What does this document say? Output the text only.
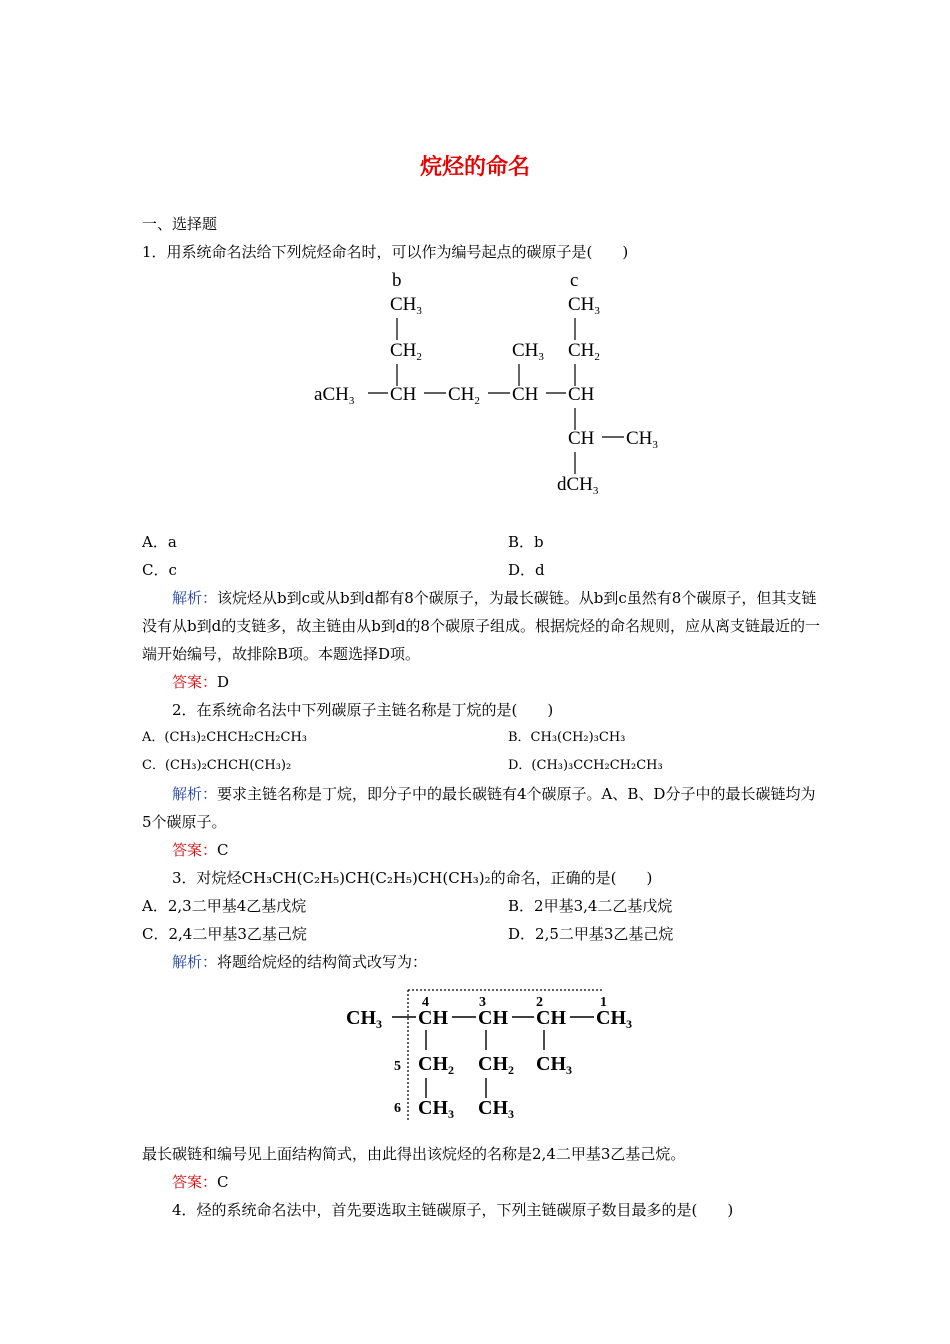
烷烃的命名
一、选择题
1．用系统命名法给下列烷烃命名时，可以作为编号起点的碳原子是(　　)
b	c
$CH_3$
$CH_2$
$CH_3$
$CH_2$
$CH_3$
aCH$_3$ CH $CH_2$ CH CH
CH $CH_3$
dCH$_3$
A．a	B．b
C．c	D．d
解析：该烷烃从b到c或从b到d都有8个碳原子，为最长碳链。从b到c虽然有8个碳原子，但其支链没有从b到d的支链多，故主链由从b到d的8个碳原子组成。根据烷烃的命名规则，应从离支链最近的一端开始编号，故排除B项。本题选择D项。
答案：D
2．在系统命名法中下列碳原子主链名称是丁烷的是(　　)
A．(CH₃)₂CHCH₂CH₂CH₃	B．CH₃(CH₂)₃CH₃
C．(CH₃)₂CHCH(CH₃)₂	D．(CH₃)₃CCH₂CH₂CH₃
解析：要求主链名称是丁烷，即分子中的最长碳链有4个碳原子。A、B、D分子中的最长碳链均为5个碳原子。
答案：C
3．对烷烃CH₃CH(C₂H₅)CH(C₂H₅)CH(CH₃)₂的命名，正确的是(　　)
A．2,3二甲基4乙基戊烷	B．2甲基3,4二乙基戊烷
C．2,4二甲基3乙基己烷	D．2,5二甲基3乙基己烷
解析：将题给烷烃的结构简式改写为：
4	3	2	1
$CH_3$ CH CH CH $CH_3$
5 $CH_2$ $CH_2$ $CH_3$
6 $CH_3$ $CH_3$
最长碳链和编号见上面结构简式，由此得出该烷烃的名称是2,4二甲基3乙基己烷。
答案：C
4．烃的系统命名法中，首先要选取主链碳原子，下列主链碳原子数目最多的是(　　)
